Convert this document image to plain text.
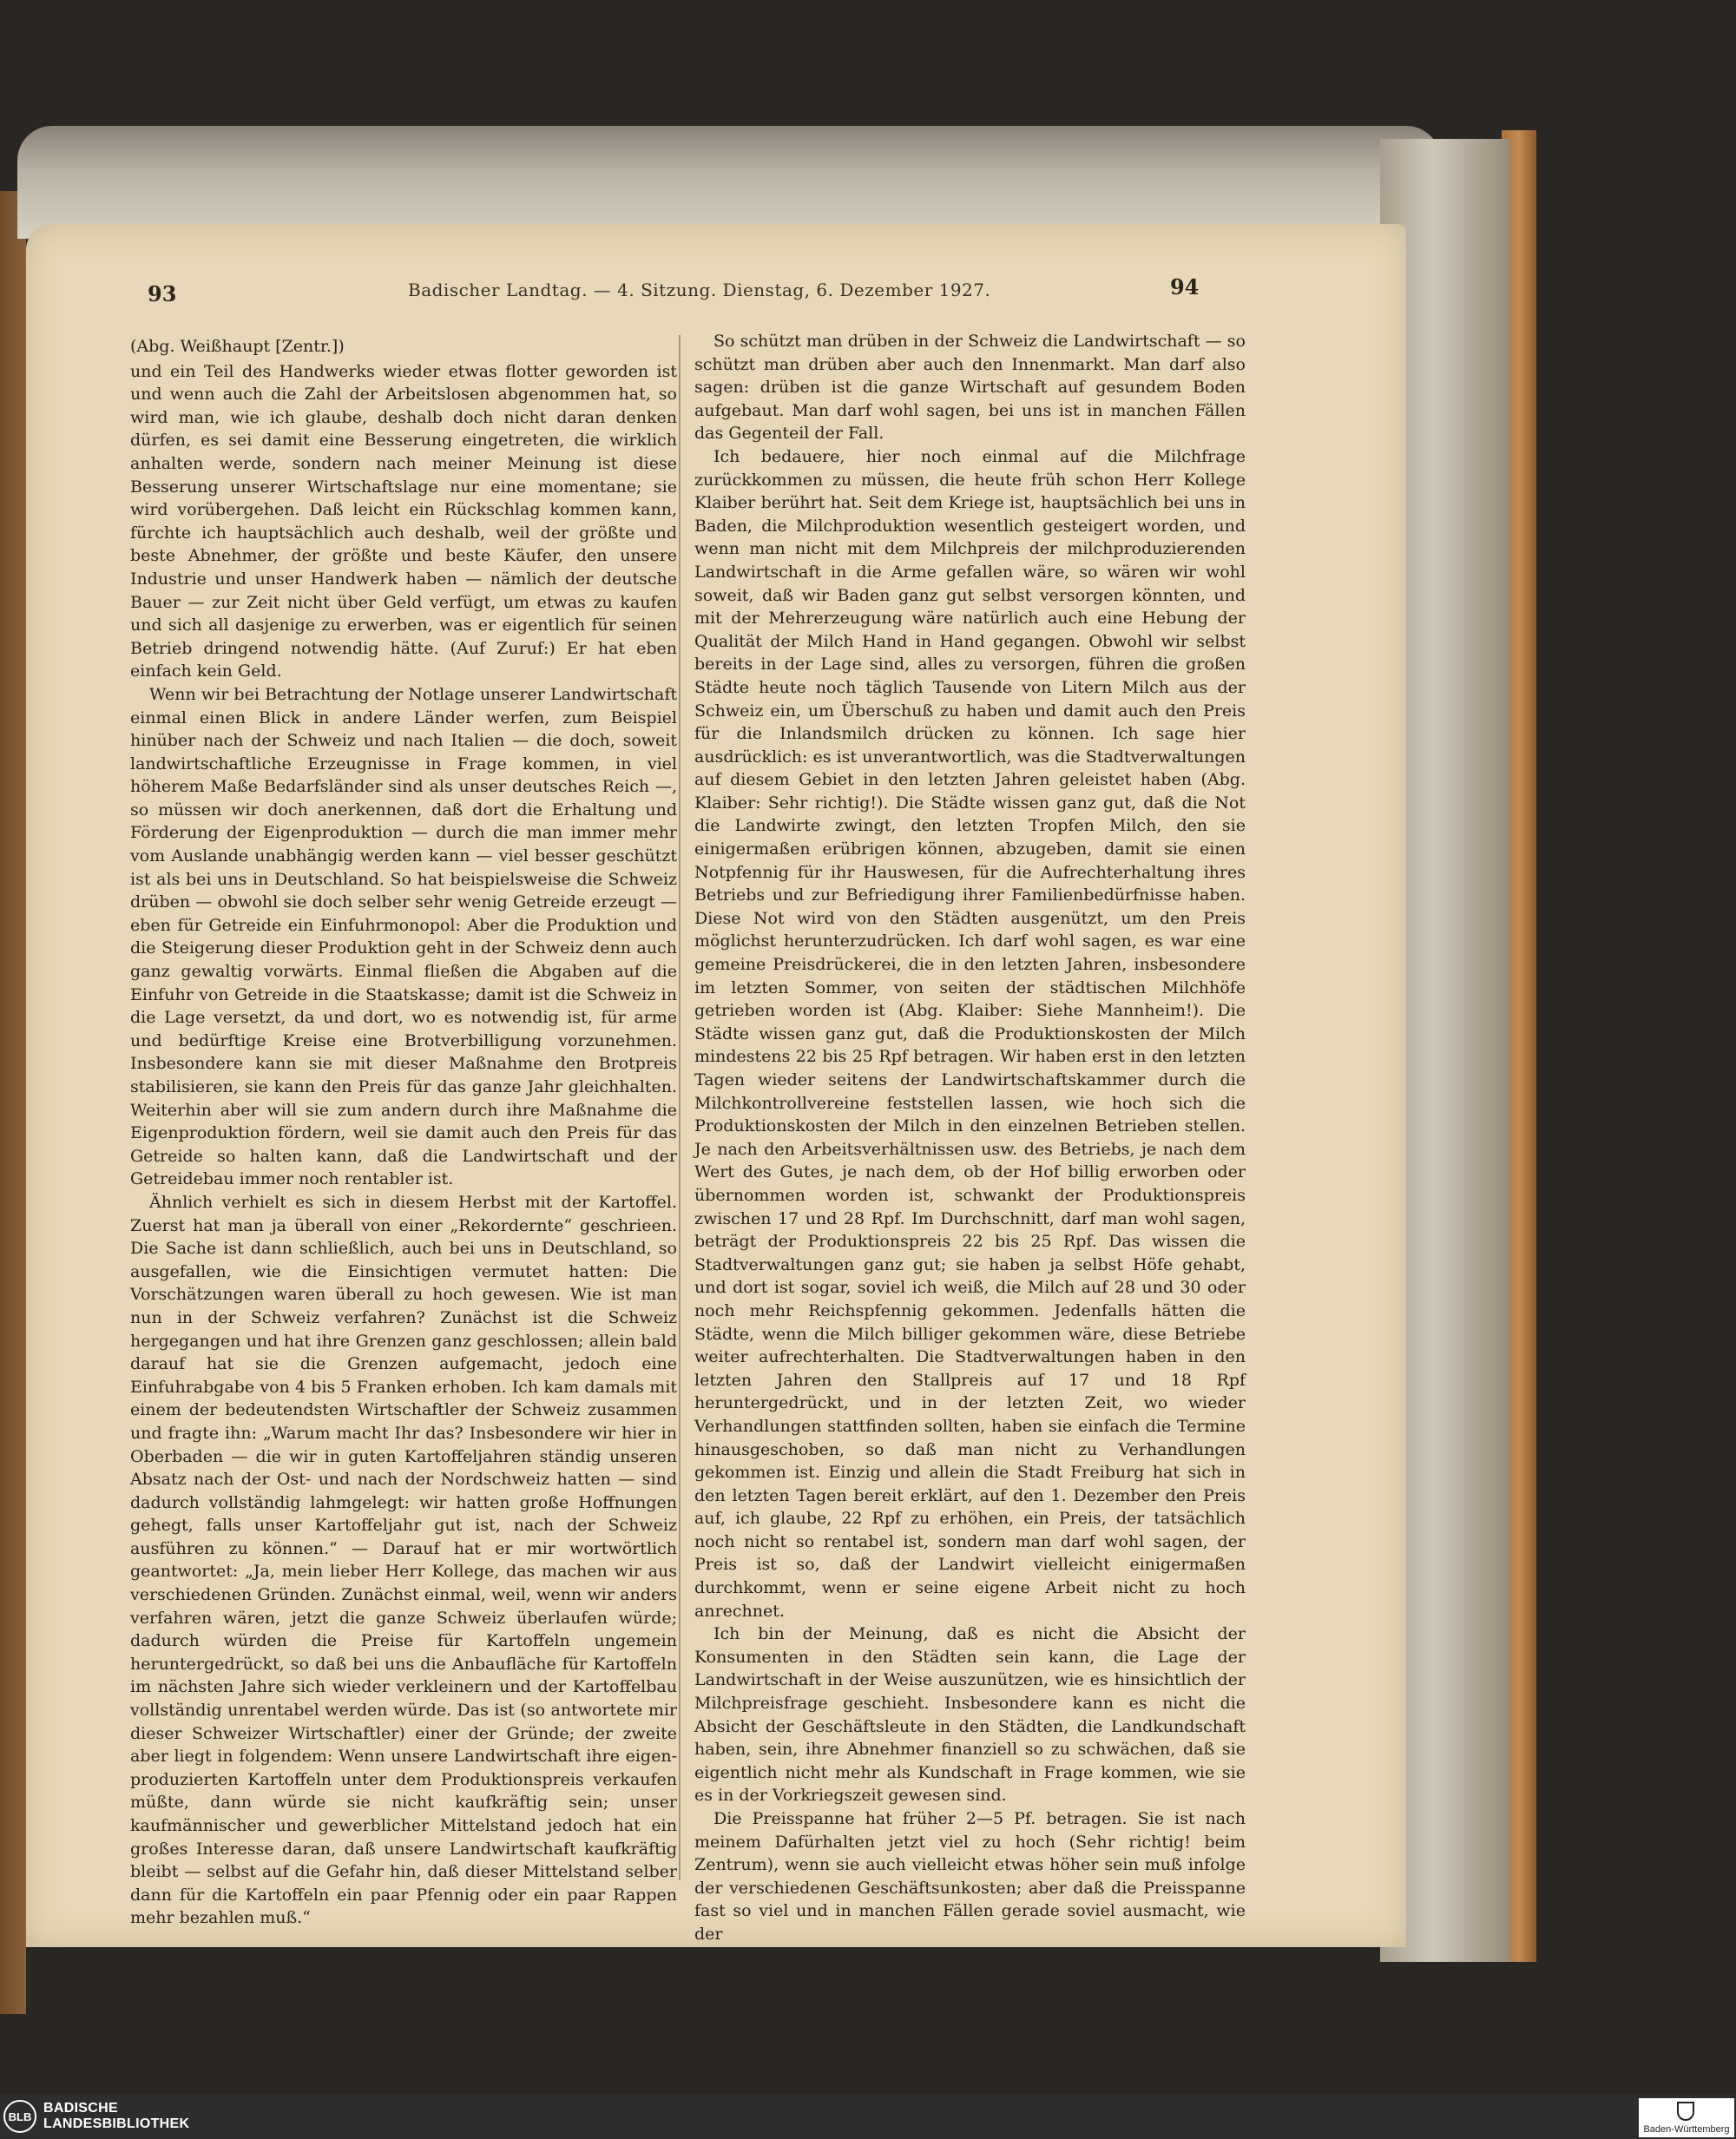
93	Badischer Landtag. — 4. Sitzung. Dienstag, 6. Dezember 1927.	94
(Abg. Weißhaupt [Zentr.])

und ein Teil des Handwerks wieder etwas flotter geworden ist und wenn auch die Zahl der Arbeitslosen abgenommen hat, so wird man, wie ich glaube, deshalb doch nicht daran denken dürfen, es sei damit eine Besserung eingetreten, die wirklich anhalten werde, sondern nach meiner Meinung ist diese Besserung unserer Wirtschaftslage nur eine momentane; sie wird vorübergehen. Daß leicht ein Rückschlag kommen kann, fürchte ich hauptsächlich auch deshalb, weil der größte und beste Abnehmer, der größte und beste Käufer, den unsere Industrie und unser Handwerk haben — nämlich der deutsche Bauer — zur Zeit nicht über Geld verfügt, um etwas zu kaufen und sich all dasjenige zu erwerben, was er eigentlich für seinen Betrieb dringend notwendig hätte. (Auf Zuruf:) Er hat eben einfach kein Geld.

Wenn wir bei Betrachtung der Notlage unserer Landwirtschaft einmal einen Blick in andere Länder werfen, zum Beispiel hinüber nach der Schweiz und nach Italien — die doch, soweit landwirtschaftliche Erzeugnisse in Frage kommen, in viel höherem Maße Bedarfsländer sind als unser deutsches Reich —, so müssen wir doch anerkennen, daß dort die Erhaltung und Förderung der Eigenproduktion — durch die man immer mehr vom Auslande unabhängig werden kann — viel besser geschützt ist als bei uns in Deutschland. So hat beispielsweise die Schweiz drüben — obwohl sie doch selber sehr wenig Getreide erzeugt — eben für Getreide ein Einfuhrmonopol: Aber die Produktion und die Steigerung dieser Produktion geht in der Schweiz denn auch ganz gewaltig vorwärts. Einmal fließen die Abgaben auf die Einfuhr von Getreide in die Staatskasse; damit ist die Schweiz in die Lage versetzt, da und dort, wo es notwendig ist, für arme und bedürftige Kreise eine Brotverbilligung vorzunehmen. Insbesondere kann sie mit dieser Maßnahme den Brotpreis stabilisieren, sie kann den Preis für das ganze Jahr gleichhalten. Weiterhin aber will sie zum andern durch ihre Maßnahme die Eigenproduktion fördern, weil sie damit auch den Preis für das Getreide so halten kann, daß die Landwirtschaft und der Getreidebau immer noch rentabler ist.

Ähnlich verhielt es sich in diesem Herbst mit der Kartoffel. Zuerst hat man ja überall von einer „Rekordernte“ geschrieen. Die Sache ist dann schließlich, auch bei uns in Deutschland, so ausgefallen, wie die Einsichtigen vermutet hatten: Die Vorschätzungen waren überall zu hoch gewesen. Wie ist man nun in der Schweiz verfahren? Zunächst ist die Schweiz hergegangen und hat ihre Grenzen ganz geschlossen; allein bald darauf hat sie die Grenzen aufgemacht, jedoch eine Einfuhrabgabe von 4 bis 5 Franken erhoben. Ich kam damals mit einem der bedeutendsten Wirtschaftler der Schweiz zusammen und fragte ihn: „Warum macht Ihr das? Insbesondere wir hier in Oberbaden — die wir in guten Kartoffeljahren ständig unseren Absatz nach der Ost- und nach der Nordschweiz hatten — sind dadurch vollständig lahmgelegt: wir hatten große Hoffnungen gehegt, falls unser Kartoffeljahr gut ist, nach der Schweiz ausführen zu können.“ — Darauf hat er mir wortwörtlich geantwortet: „Ja, mein lieber Herr Kollege, das machen wir aus verschiedenen Gründen. Zunächst einmal, weil, wenn wir anders verfahren wären, jetzt die ganze Schweiz überlaufen würde; dadurch würden die Preise für Kartoffeln ungemein heruntergedrückt, so daß bei uns die Anbaufläche für Kartoffeln im nächsten Jahre sich wieder verkleinern und der Kartoffelbau vollständig unrentabel werden würde. Das ist (so antwortete mir dieser Schweizer Wirtschaftler) einer der Gründe; der zweite aber liegt in folgendem: Wenn unsere Landwirtschaft ihre eigen-produzierten Kartoffeln unter dem Produktionspreis verkaufen müßte, dann würde sie nicht kaufkräftig sein; unser kaufmännischer und gewerblicher Mittelstand jedoch hat ein großes Interesse daran, daß unsere Landwirtschaft kaufkräftig bleibt — selbst auf die Gefahr hin, daß dieser Mittelstand selber dann für die Kartoffeln ein paar Pfennig oder ein paar Rappen mehr bezahlen muß.“

So schützt man drüben in der Schweiz die Landwirtschaft — so schützt man drüben aber auch den Innenmarkt. Man darf also sagen: drüben ist die ganze Wirtschaft auf gesundem Boden aufgebaut. Man darf wohl sagen, bei uns ist in manchen Fällen das Gegenteil der Fall.

Ich bedauere, hier noch einmal auf die Milchfrage zurückkommen zu müssen, die heute früh schon Herr Kollege Klaiber berührt hat. Seit dem Kriege ist, hauptsächlich bei uns in Baden, die Milchproduktion wesentlich gesteigert worden, und wenn man nicht mit dem Milchpreis der milchproduzierenden Landwirtschaft in die Arme gefallen wäre, so wären wir wohl soweit, daß wir Baden ganz gut selbst versorgen könnten, und mit der Mehrerzeugung wäre natürlich auch eine Hebung der Qualität der Milch Hand in Hand gegangen. Obwohl wir selbst bereits in der Lage sind, alles zu versorgen, führen die großen Städte heute noch täglich Tausende von Litern Milch aus der Schweiz ein, um Überschuß zu haben und damit auch den Preis für die Inlandsmilch drücken zu können. Ich sage hier ausdrücklich: es ist unverantwortlich, was die Stadtverwaltungen auf diesem Gebiet in den letzten Jahren geleistet haben (Abg. Klaiber: Sehr richtig!). Die Städte wissen ganz gut, daß die Not die Landwirte zwingt, den letzten Tropfen Milch, den sie einigermaßen erübrigen können, abzugeben, damit sie einen Notpfennig für ihr Hauswesen, für die Aufrechterhaltung ihres Betriebs und zur Befriedigung ihrer Familienbedürfnisse haben. Diese Not wird von den Städten ausgenützt, um den Preis möglichst herunterzudrücken. Ich darf wohl sagen, es war eine gemeine Preisdrückerei, die in den letzten Jahren, insbesondere im letzten Sommer, von seiten der städtischen Milchhöfe getrieben worden ist (Abg. Klaiber: Siehe Mannheim!). Die Städte wissen ganz gut, daß die Produktionskosten der Milch mindestens 22 bis 25 Rpf betragen. Wir haben erst in den letzten Tagen wieder seitens der Landwirtschaftskammer durch die Milchkontrollvereine feststellen lassen, wie hoch sich die Produktionskosten der Milch in den einzelnen Betrieben stellen. Je nach den Arbeitsverhältnissen usw. des Betriebs, je nach dem Wert des Gutes, je nach dem, ob der Hof billig erworben oder übernommen worden ist, schwankt der Produktionspreis zwischen 17 und 28 Rpf. Im Durchschnitt, darf man wohl sagen, beträgt der Produktionspreis 22 bis 25 Rpf. Das wissen die Stadtverwaltungen ganz gut; sie haben ja selbst Höfe gehabt, und dort ist sogar, soviel ich weiß, die Milch auf 28 und 30 oder noch mehr Reichspfennig gekommen. Jedenfalls hätten die Städte, wenn die Milch billiger gekommen wäre, diese Betriebe weiter aufrechterhalten. Die Stadtverwaltungen haben in den letzten Jahren den Stallpreis auf 17 und 18 Rpf heruntergedrückt, und in der letzten Zeit, wo wieder Verhandlungen stattfinden sollten, haben sie einfach die Termine hinausgeschoben, so daß man nicht zu Verhandlungen gekommen ist. Einzig und allein die Stadt Freiburg hat sich in den letzten Tagen bereit erklärt, auf den 1. Dezember den Preis auf, ich glaube, 22 Rpf zu erhöhen, ein Preis, der tatsächlich noch nicht so rentabel ist, sondern man darf wohl sagen, der Preis ist so, daß der Landwirt vielleicht einigermaßen durchkommt, wenn er seine eigene Arbeit nicht zu hoch anrechnet.

Ich bin der Meinung, daß es nicht die Absicht der Konsumenten in den Städten sein kann, die Lage der Landwirtschaft in der Weise auszunützen, wie es hinsichtlich der Milchpreisfrage geschieht. Insbesondere kann es nicht die Absicht der Geschäftsleute in den Städten, die Landkundschaft haben, sein, ihre Abnehmer finanziell so zu schwächen, daß sie eigentlich nicht mehr als Kundschaft in Frage kommen, wie sie es in der Vorkriegszeit gewesen sind.

Die Preisspanne hat früher 2—5 Pf. betragen. Sie ist nach meinem Dafürhalten jetzt viel zu hoch (Sehr richtig! beim Zentrum), wenn sie auch vielleicht etwas höher sein muß infolge der verschiedenen Geschäftsunkosten; aber daß die Preisspanne fast so viel und in manchen Fällen gerade soviel ausmacht, wie der

BLB
BADISCHE
LANDESBIBLIOTHEK	Baden-Württemberg
